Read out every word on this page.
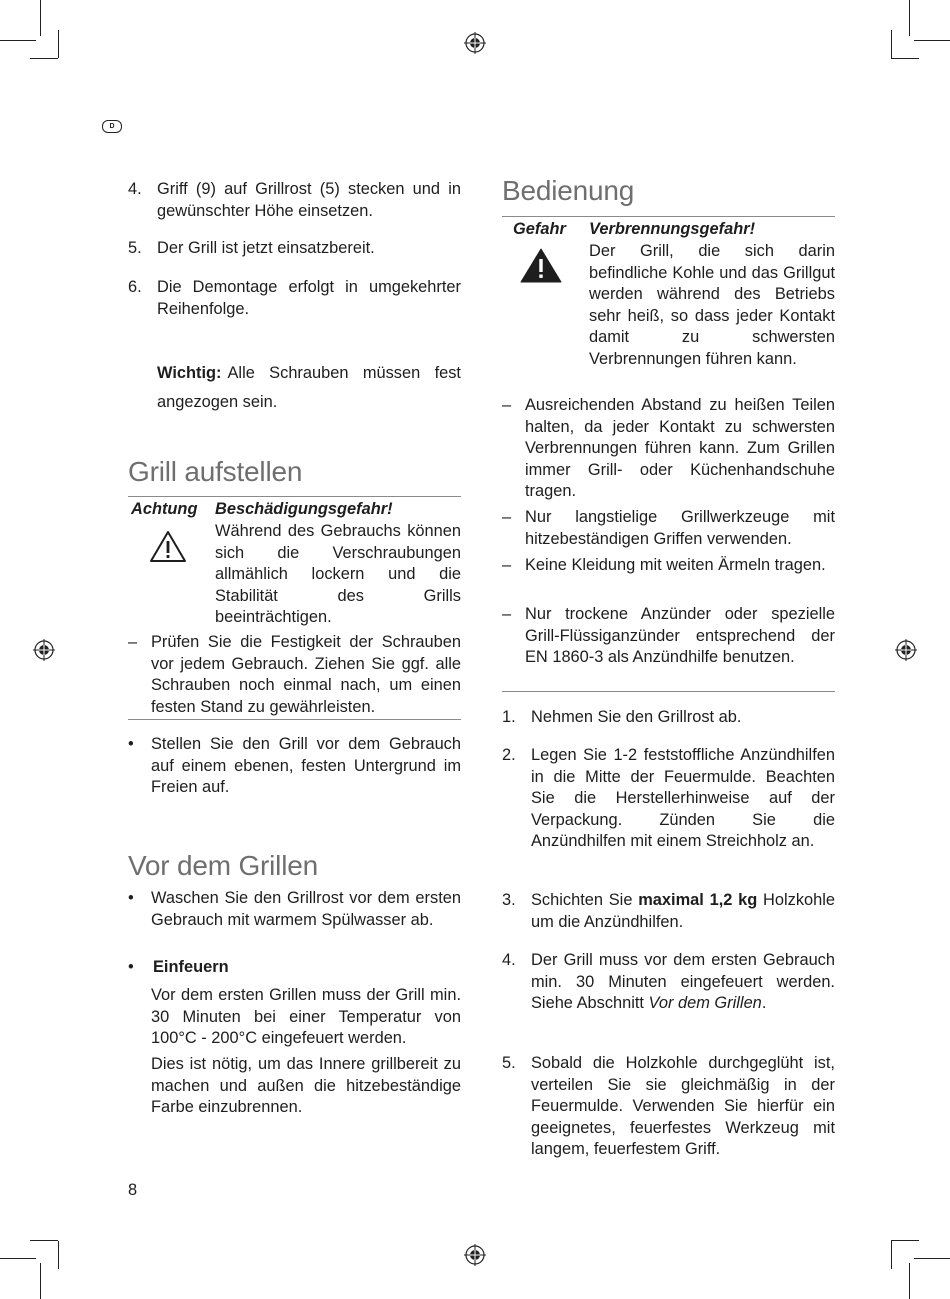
D
4. Griff (9) auf Grillrost (5) stecken und in gewünschter Höhe einsetzen.
5. Der Grill ist jetzt einsatzbereit.
6. Die Demontage erfolgt in umgekehrter Reihenfolge.
Wichtig: Alle Schrauben müssen fest
angezogen sein.
Grill aufstellen
Achtung Beschädigungsgefahr!
Während des Gebrauchs können sich die Verschraubungen allmählich lockern und die Stabilität des Grills beeinträchtigen.
– Prüfen Sie die Festigkeit der Schrauben vor jedem Gebrauch. Ziehen Sie ggf. alle Schrauben noch einmal nach, um einen festen Stand zu gewährleisten.
•	Stellen Sie den Grill vor dem Gebrauch auf einem ebenen, festen Untergrund im Freien auf.
Vor dem Grillen
•	Waschen Sie den Grillrost vor dem ersten Gebrauch mit warmem Spülwasser ab.
•	Einfeuern
Vor dem ersten Grillen muss der Grill min. 30 Minuten bei einer Temperatur von 100°C - 200°C eingefeuert werden.
Dies ist nötig, um das Innere grillbereit zu machen und außen die hitzebeständige Farbe einzubrennen.
8
Bedienung
Gefahr Verbrennungsgefahr!
Der Grill, die sich darin befindliche Kohle und das Grillgut werden während des Betriebs sehr heiß, so dass jeder Kontakt damit zu schwersten Verbrennungen führen kann.
– Ausreichenden Abstand zu heißen Teilen halten, da jeder Kontakt zu schwersten Verbrennungen führen kann. Zum Grillen immer Grill- oder Küchenhandschuhe tragen.
– Nur langstielige Grillwerkzeuge mit hitzebeständigen Griffen verwenden.
– Keine Kleidung mit weiten Ärmeln tragen.
– Nur trockene Anzünder oder spezielle Grill-Flüssiganzünder entsprechend der EN 1860-3 als Anzündhilfe benutzen.
1. Nehmen Sie den Grillrost ab.
2. Legen Sie 1-2 feststoffliche Anzündhilfen in die Mitte der Feuermulde. Beachten Sie die Herstellerhinweise auf der Verpackung. Zünden Sie die Anzündhilfen mit einem Streichholz an.
3. Schichten Sie maximal 1,2 kg Holzkohle um die Anzündhilfen.
4. Der Grill muss vor dem ersten Gebrauch min. 30 Minuten eingefeuert werden. Siehe Abschnitt Vor dem Grillen.
5. Sobald die Holzkohle durchgeglüht ist, verteilen Sie sie gleichmäßig in der Feuermulde. Verwenden Sie hierfür ein geeignetes, feuerfestes Werkzeug mit langem, feuerfestem Griff.
